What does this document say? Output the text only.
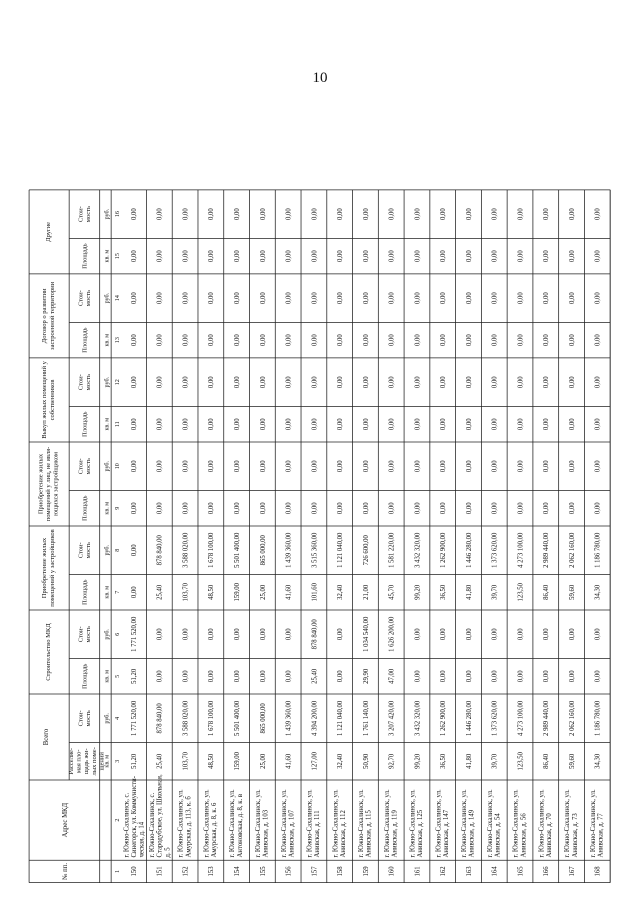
10
№ пп.
Адрес МКД
Всего
Строительство МКД
Приобретение жилыхпомещений у застройщиков
Приобретение жилыхпомещений у лиц, не явля-ющихся застройщиком
Выкуп жилых помещений усобственников
Договор о развитиизастроенной территории
Другие
Расселяе-мая пло-щадь жи-лых поме-щений
Стои-мость
Площадь
Стои-мость
Площадь
Стои-мость
Площадь
Стои-мость
Площадь
Стои-мость
Площадь
Стои-мость
Площадь
Стои-мость
кв. м
руб.
кв. м
руб.
кв. м
руб.
кв. м
руб.
кв. м
руб.
кв. м
руб.
кв. м
руб.
1
2
3
4
5
6
7
8
9
10
11
12
13
14
15
16
150
г. Южно-Сахалинск, с.Синегорск, ул. Коммунисти-ческая, д. 14
51,20
1 771 520,00
51,20
1 771 520,00
0,00
0,00
0,00
0,00
0,00
0,00
0,00
0,00
0,00
0,00
151
г. Южно-Сахалинск, с.Стародубское, ул. Школьная,д. 5
25,40
878 840,00
0,00
0,00
25,40
878 840,00
0,00
0,00
0,00
0,00
0,00
0,00
0,00
0,00
152
г. Южно-Сахалинск, ул.Амурская, д. 113, к. б
103,70
3 588 020,00
0,00
0,00
103,70
3 588 020,00
0,00
0,00
0,00
0,00
0,00
0,00
0,00
0,00
153
г. Южно-Сахалинск, ул.Амурская, д. 8, к. 6
48,50
1 678 100,00
0,00
0,00
48,50
1 678 100,00
0,00
0,00
0,00
0,00
0,00
0,00
0,00
0,00
154
г. Южно-Сахалинск, ул.Антоновская, д. 8, к. в
159,00
5 501 400,00
0,00
0,00
159,00
5 501 400,00
0,00
0,00
0,00
0,00
0,00
0,00
0,00
0,00
155
г. Южно-Сахалинск, ул.Анивская, д. 103
25,00
865 000,00
0,00
0,00
25,00
865 000,00
0,00
0,00
0,00
0,00
0,00
0,00
0,00
0,00
156
г. Южно-Сахалинск, ул.Анивская, д. 107
41,60
1 439 360,00
0,00
0,00
41,60
1 439 360,00
0,00
0,00
0,00
0,00
0,00
0,00
0,00
0,00
157
г. Южно-Сахалинск, ул.Анивская, д. 111
127,00
4 394 200,00
25,40
878 840,00
101,60
3 515 360,00
0,00
0,00
0,00
0,00
0,00
0,00
0,00
0,00
158
г. Южно-Сахалинск, ул.Анивская, д. 112
32,40
1 121 040,00
0,00
0,00
32,40
1 121 040,00
0,00
0,00
0,00
0,00
0,00
0,00
0,00
0,00
159
г. Южно-Сахалинск, ул.Анивская, д. 115
50,90
1 761 140,00
29,90
1 034 540,00
21,00
726 600,00
0,00
0,00
0,00
0,00
0,00
0,00
0,00
0,00
160
г. Южно-Сахалинск, ул.Анивская, д. 119
92,70
3 207 420,00
47,00
1 626 200,00
45,70
1 581 220,00
0,00
0,00
0,00
0,00
0,00
0,00
0,00
0,00
161
г. Южно-Сахалинск, ул.Анивская, д. 125
99,20
3 432 320,00
0,00
0,00
99,20
3 432 320,00
0,00
0,00
0,00
0,00
0,00
0,00
0,00
0,00
162
г. Южно-Сахалинск, ул.Анивская, д. 147
36,50
1 262 900,00
0,00
0,00
36,50
1 262 900,00
0,00
0,00
0,00
0,00
0,00
0,00
0,00
0,00
163
г. Южно-Сахалинск, ул.Анивская, д. 149
41,80
1 446 280,00
0,00
0,00
41,80
1 446 280,00
0,00
0,00
0,00
0,00
0,00
0,00
0,00
0,00
164
г. Южно-Сахалинск, ул.Анивская, д. 54
39,70
1 373 620,00
0,00
0,00
39,70
1 373 620,00
0,00
0,00
0,00
0,00
0,00
0,00
0,00
0,00
165
г. Южно-Сахалинск, ул.Анивская, д. 56
123,50
4 273 100,00
0,00
0,00
123,50
4 273 100,00
0,00
0,00
0,00
0,00
0,00
0,00
0,00
0,00
166
г. Южно-Сахалинск, ул.Анивская, д. 70
86,40
2 989 440,00
0,00
0,00
86,40
2 989 440,00
0,00
0,00
0,00
0,00
0,00
0,00
0,00
0,00
167
г. Южно-Сахалинск, ул.Анивская, д. 73
59,60
2 062 160,00
0,00
0,00
59,60
2 062 160,00
0,00
0,00
0,00
0,00
0,00
0,00
0,00
0,00
168
г. Южно-Сахалинск, ул.Анивская, д. 77
34,30
1 186 780,00
0,00
0,00
34,30
1 186 780,00
0,00
0,00
0,00
0,00
0,00
0,00
0,00
0,00
